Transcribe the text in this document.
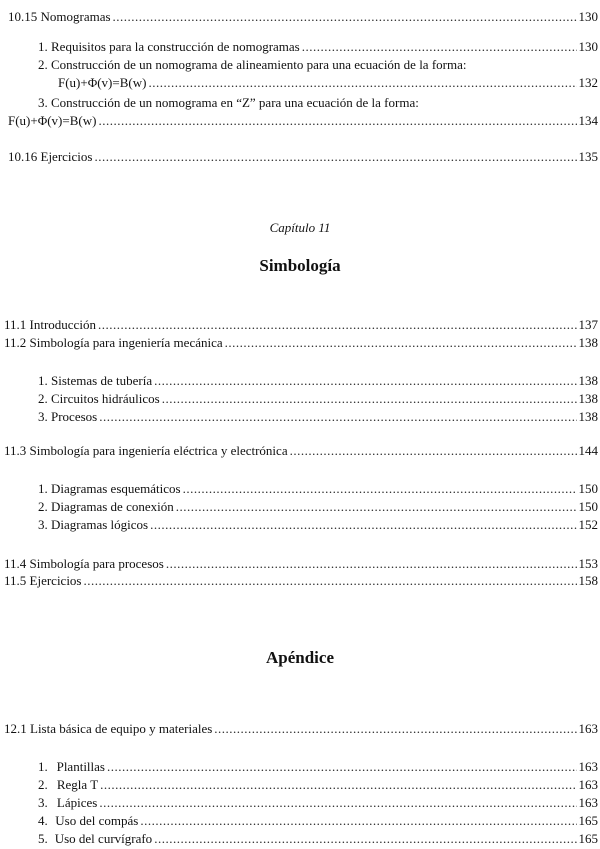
10.15 Nomogramas .....	130
1. Requisitos para la construcción de nomogramas .....	130
2. Construcción de un nomograma de alineamiento para una ecuación de la forma:
F(u)+Φ(v)=B(w) .....	132
3. Construcción de un nomograma en “Z” para una ecuación de la forma:
F(u)+Φ(v)=B(w) .....	134
10.16 Ejercicios .....	135
Capítulo 11
Simbología
11.1 Introducción .....	137
11.2 Simbología para ingeniería mecánica .....	138
1. Sistemas de tubería .....	138
2. Circuitos hidráulicos .....	138
3. Procesos .....	138
11.3 Simbología para ingeniería eléctrica y electrónica .....	144
1. Diagramas esquemáticos .....	150
2. Diagramas de conexión .....	150
3. Diagramas lógicos .....	152
11.4 Simbología para procesos .....	153
11.5 Ejercicios .....	158
Apéndice
12.1 Lista básica de equipo y materiales .....	163
1. Plantillas .....	163
2. Regla T .....	163
3. Lápices .....	163
4. Uso del compás .....	165
5. Uso del curvígrafo .....	165
